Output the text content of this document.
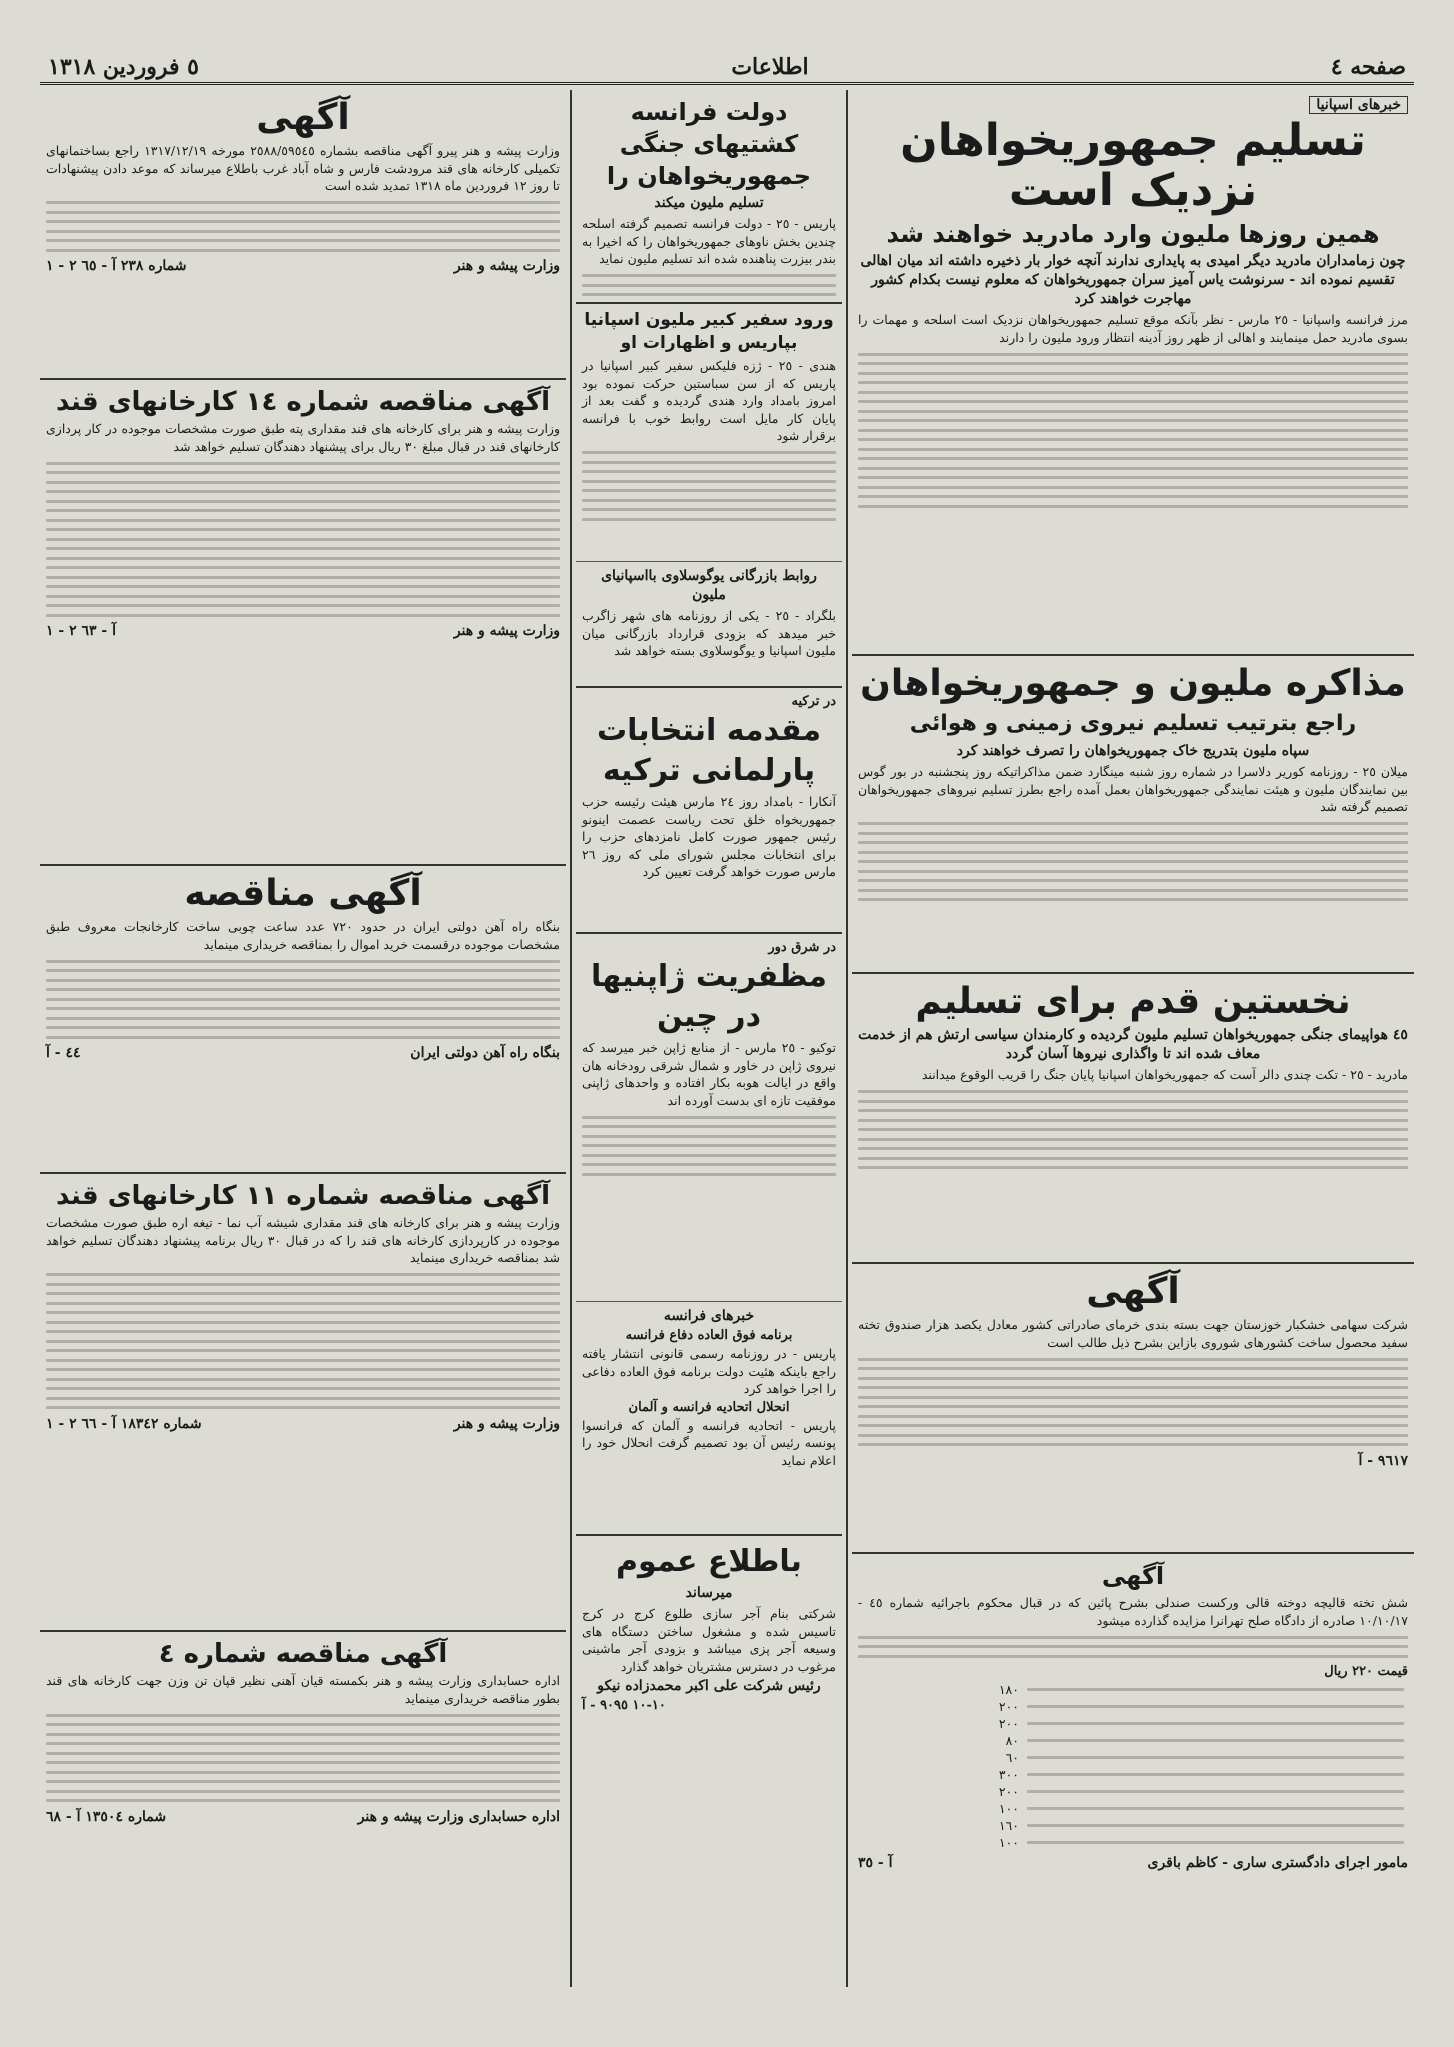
صفحه ٤
اطلاعات
٥ فروردین ١٣١٨
خبرهای اسپانیا
تسلیم جمهوریخواهان نزدیک است
همین روزها ملیون وارد مادرید خواهند شد
چون زمامداران مادرید دیگر امیدی به پایداری ندارند آنچه خوار بار ذخیره داشته اند میان اهالی تقسیم نموده اند - سرنوشت یاس آمیز سران جمهوریخواهان که معلوم نیست بکدام کشور مهاجرت خواهند کرد
مرز فرانسه واسپانیا - ٢٥ مارس - نظر بآنکه موقع تسلیم جمهوریخواهان نزدیک است اسلحه و مهمات را بسوی مادرید حمل مینمایند و اهالی از ظهر روز آدینه انتظار ورود ملیون را دارند
مذاکره ملیون و جمهوریخواهان
راجع بترتیب تسلیم نیروی زمینی و هوائی
سپاه ملیون بتدریج خاک جمهوریخواهان را تصرف خواهند کرد
میلان ٢٥ - روزنامه کوریر دلاسرا در شماره روز شنبه مینگارد ضمن مذاکراتیکه روز پنجشنبه در بور گوس بین نمایندگان ملیون و هیئت نمایندگی جمهوریخواهان بعمل آمده راجع بطرز تسلیم نیروهای جمهوریخواهان تصمیم گرفته شد
نخستین قدم برای تسلیم
٤٥ هواپیمای جنگی جمهوریخواهان تسلیم ملیون گردیده و کارمندان سیاسی ارتش هم از خدمت معاف شده اند تا واگذاری نیروها آسان گردد
مادرید - ٢٥ - تکت چندی دالر آست که جمهوریخواهان اسپانیا پایان جنگ را قریب الوقوع میدانند
آگهی
شرکت سهامی خشکبار خوزستان جهت بسته بندی خرمای صادراتی کشور معادل یکصد هزار صندوق تخته سفید محصول ساخت کشورهای شوروی بازاین بشرح ذیل طالب است
٩٦١٧ - آ
آگهی
شش تخته قالیچه دوخته قالی ورکست صندلی بشرح پائین که در قبال محکوم باجرائیه شماره ٤٥ - ١٠/١٠/١٧ صادره از دادگاه صلح تهرانرا مزایده گذارده میشود
قیمت ٢٢٠ ریال
	١٨٠

	٢٠٠

	٢٠٠

	٨٠

	٦٠

	٣٠٠

	٢٠٠

	١٠٠

	١٦٠

	١٠٠
مامور اجرای دادگستری ساری - کاظم باقری
آ - ٣٥
دولت فرانسه کشتیهای جنگی جمهوریخواهان را
تسلیم ملیون میکند
پاریس - ٢٥ - دولت فرانسه تصمیم گرفته اسلحه چندین بخش ناوهای جمهوریخواهان را که اخیرا به بندر بیزرت پناهنده شده اند تسلیم ملیون نماید
ورود سفیر کبیر ملیون اسپانیا بپاریس و اظهارات او
هندی - ٢٥ - ژزه فلیکس سفیر کبیر اسپانیا در پاریس که از سن سباستین حرکت نموده بود امروز بامداد وارد هندی گردیده و گفت بعد از پایان کار مایل است روابط خوب با فرانسه برقرار شود
روابط بازرگانی یوگوسلاوی بااسپانیای ملیون
بلگراد - ٢٥ - یکی از روزنامه های شهر زاگرب خبر میدهد که بزودی قرارداد بازرگانی میان ملیون اسپانیا و یوگوسلاوی بسته خواهد شد
در ترکیه
مقدمه انتخابات پارلمانی ترکیه
آنکارا - بامداد روز ٢٤ مارس هیئت رئیسه حزب جمهوریخواه خلق تحت ریاست عصمت اینونو رئیس جمهور صورت کامل نامزدهای حزب را برای انتخابات مجلس شورای ملی که روز ٢٦ مارس صورت خواهد گرفت تعیین کرد
در شرق دور
مظفریت ژاپنیها در چین
توکیو - ٢٥ مارس - از منابع ژاپن خبر میرسد که نیروی ژاپن در خاور و شمال شرقی رودخانه هان واقع در ایالت هوبه بکار افتاده و واحدهای ژاپنی موفقیت تازه ای بدست آورده اند
خبرهای فرانسه
برنامه فوق العاده دفاع فرانسه
پاریس - در روزنامه رسمی قانونی انتشار یافته راجع باینکه هئیت دولت برنامه فوق العاده دفاعی را اجرا خواهد کرد
انحلال اتحادیه فرانسه و آلمان
پاریس - اتحادیه فرانسه و آلمان که فرانسوا پونسه رئیس آن بود تصمیم گرفت انحلال خود را اعلام نماید
باطلاع عموم
میرساند
شرکتی بنام آجر سازی طلوع کرج در کرج تاسیس شده و مشغول ساختن دستگاه های وسیعه آجر پزی میباشد و بزودی آجر ماشینی مرغوب در دسترس مشتریان خواهد گذارد
رئیس شرکت علی اکبر محمدزاده نیکو
١٠-١٠ ٩٠٩٥ - آ
آگهی
وزارت پیشه و هنر پیرو آگهی مناقصه بشماره ٢٥٨٨/٥٩٥٤٥ مورخه ١٣١٧/١٢/١٩ راجع بساختمانهای تکمیلی کارخانه های قند مرودشت فارس و شاه آباد غرب باطلاع میرساند که موعد دادن پیشنهادات تا روز ١٢ فروردین ماه ١٣١٨ تمدید شده است
وزارت پیشه و هنر
شماره ٢٣٨ آ - ٦٥ ٢ - ١
آگهی مناقصه شماره ١٤ کارخانهای قند
وزارت پیشه و هنر برای کارخانه های قند مقداری پته طبق صورت مشخصات موجوده در کار پردازی کارخانهای قند در قبال مبلغ ٣٠ ریال برای پیشنهاد دهندگان تسلیم خواهد شد
وزارت پیشه و هنر
آ - ٦٣ ٢ - ١
آگهی مناقصه
بنگاه راه آهن دولتی ایران در حدود ٧٢٠ عدد ساعت چوبی ساخت کارخانجات معروف طبق مشخصات موجوده درقسمت خرید اموال را بمناقصه خریداری مینماید
بنگاه راه آهن دولتی ایران
٤٤ - آ
آگهی مناقصه شماره ١١ کارخانهای قند
وزارت پیشه و هنر برای کارخانه های قند مقداری شیشه آب نما - تیغه اره طبق صورت مشخصات موجوده در کارپردازی کارخانه های قند را که در قبال ٣٠ ریال برنامه پیشنهاد دهندگان تسلیم خواهد شد بمناقصه خریداری مینماید
وزارت پیشه و هنر
شماره ١٨٣٤٢ آ - ٦٦ ٢ - ١
آگهی مناقصه شماره ٤
اداره حسابداری وزارت پیشه و هنر بکمسته قیان آهنی نظیر قپان تن وزن جهت کارخانه های قند بطور مناقصه خریداری مینماید
اداره حسابداری وزارت پیشه و هنر
شماره ١٣٥٠٤ آ - ٦٨
